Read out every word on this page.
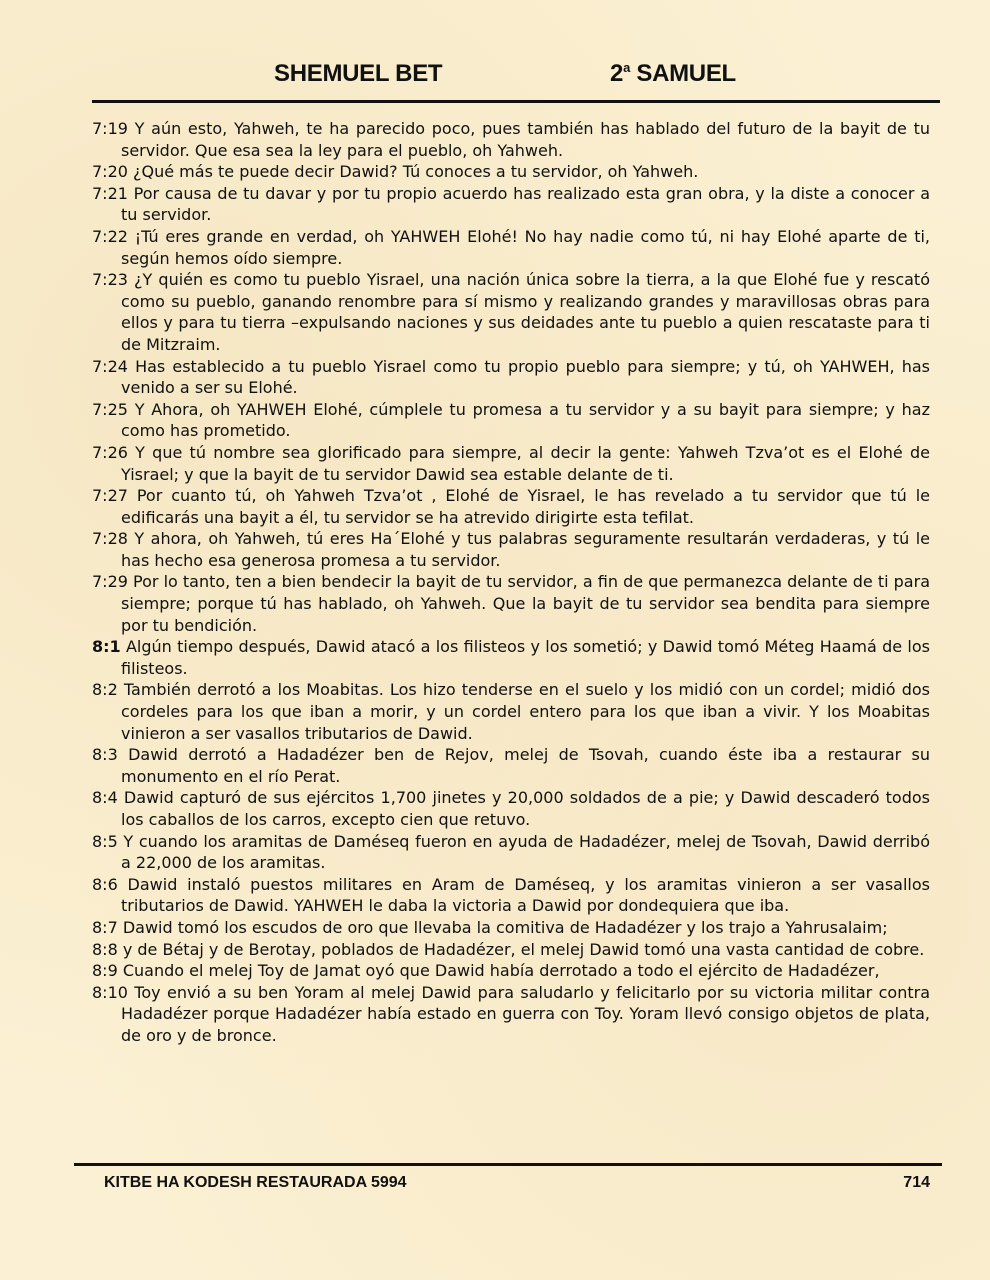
SHEMUEL BET	2$^a$ SAMUEL

7:19 Y aún esto, Yahweh, te ha parecido poco, pues también has hablado del futuro de la bayit de tu servidor. Que esa sea la ley para el pueblo, oh Yahweh.

7:20 ¿Qué más te puede decir Dawid? Tú conoces a tu servidor, oh Yahweh.

7:21 Por causa de tu davar y por tu propio acuerdo has realizado esta gran obra, y la diste a conocer a tu servidor.

7:22 ¡Tú eres grande en verdad, oh YAHWEH Elohé! No hay nadie como tú, ni hay Elohé aparte de ti, según hemos oído siempre.

7:23 ¿Y quién es como tu pueblo Yisrael, una nación única sobre la tierra, a la que Elohé fue y rescató como su pueblo, ganando renombre para sí mismo y realizando grandes y maravillosas obras para ellos y para tu tierra –expulsando naciones y sus deidades ante tu pueblo a quien rescataste para ti de Mitzraim.

7:24 Has establecido a tu pueblo Yisrael como tu propio pueblo para siempre; y tú, oh YAHWEH, has venido a ser su Elohé.

7:25 Y Ahora, oh YAHWEH Elohé, cúmplele tu promesa a tu servidor y a su bayit para siempre; y haz como has prometido.

7:26 Y que tú nombre sea glorificado para siempre, al decir la gente: Yahweh Tzva’ot es el Elohé de Yisrael; y que la bayit de tu servidor Dawid sea estable delante de ti.

7:27 Por cuanto tú, oh Yahweh Tzva’ot , Elohé de Yisrael, le has revelado a tu servidor que tú le edificarás una bayit a él, tu servidor se ha atrevido dirigirte esta tefilat.

7:28 Y ahora, oh Yahweh, tú eres Ha´Elohé y tus palabras seguramente resultarán verdaderas, y tú le has hecho esa generosa promesa a tu servidor.

7:29 Por lo tanto, ten a bien bendecir la bayit de tu servidor, a fin de que permanezca delante de ti para siempre; porque tú has hablado, oh Yahweh. Que la bayit de tu servidor sea bendita para siempre por tu bendición.

8:1 Algún tiempo después, Dawid atacó a los filisteos y los sometió; y Dawid tomó Méteg Haamá de los filisteos.

8:2 También derrotó a los Moabitas. Los hizo tenderse en el suelo y los midió con un cordel; midió dos cordeles para los que iban a morir, y un cordel entero para los que iban a vivir. Y los Moabitas vinieron a ser vasallos tributarios de Dawid.

8:3 Dawid derrotó a Hadadézer ben de Rejov, melej de Tsovah, cuando éste iba a restaurar su monumento en el río Perat.

8:4 Dawid capturó de sus ejércitos 1,700 jinetes y 20,000 soldados de a pie; y Dawid descaderó todos los caballos de los carros, excepto cien que retuvo.

8:5 Y cuando los aramitas de Daméseq fueron en ayuda de Hadadézer, melej de Tsovah, Dawid derribó a 22,000 de los aramitas.

8:6 Dawid instaló puestos militares en Aram de Daméseq, y los aramitas vinieron a ser vasallos tributarios de Dawid. YAHWEH le daba la victoria a Dawid por dondequiera que iba.

8:7 Dawid tomó los escudos de oro que llevaba la comitiva de Hadadézer y los trajo a Yahrusalaim;

8:8 y de Bétaj y de Berotay, poblados de Hadadézer, el melej Dawid tomó una vasta cantidad de cobre.

8:9 Cuando el melej Toy de Jamat oyó que Dawid había derrotado a todo el ejército de Hadadézer,

8:10 Toy envió a su ben Yoram al melej Dawid para saludarlo y felicitarlo por su victoria militar contra Hadadézer porque Hadadézer había estado en guerra con Toy. Yoram llevó consigo objetos de plata, de oro y de bronce.

KITBE HA KODESH RESTAURADA 5994	714
